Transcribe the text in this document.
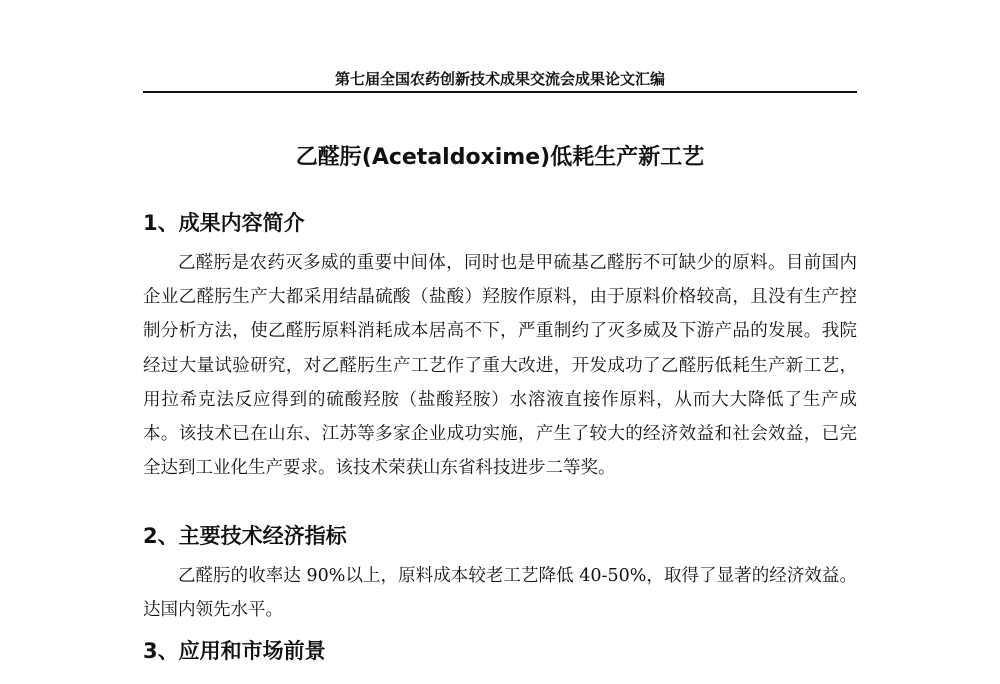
第七届全国农药创新技术成果交流会成果论文汇编
乙醛肟(Acetaldoxime)低耗生产新工艺
1、成果内容简介
乙醛肟是农药灭多威的重要中间体，同时也是甲硫基乙醛肟不可缺少的原料。目前国内企业乙醛肟生产大都采用结晶硫酸（盐酸）羟胺作原料，由于原料价格较高，且没有生产控制分析方法，使乙醛肟原料消耗成本居高不下，严重制约了灭多威及下游产品的发展。我院经过大量试验研究，对乙醛肟生产工艺作了重大改进，开发成功了乙醛肟低耗生产新工艺，用拉希克法反应得到的硫酸羟胺（盐酸羟胺）水溶液直接作原料，从而大大降低了生产成本。该技术已在山东、江苏等多家企业成功实施，产生了较大的经济效益和社会效益，已完全达到工业化生产要求。该技术荣获山东省科技进步二等奖。
2、主要技术经济指标
乙醛肟的收率达 90%以上，原料成本较老工艺降低 40-50%，取得了显著的经济效益。达国内领先水平。
3、应用和市场前景
